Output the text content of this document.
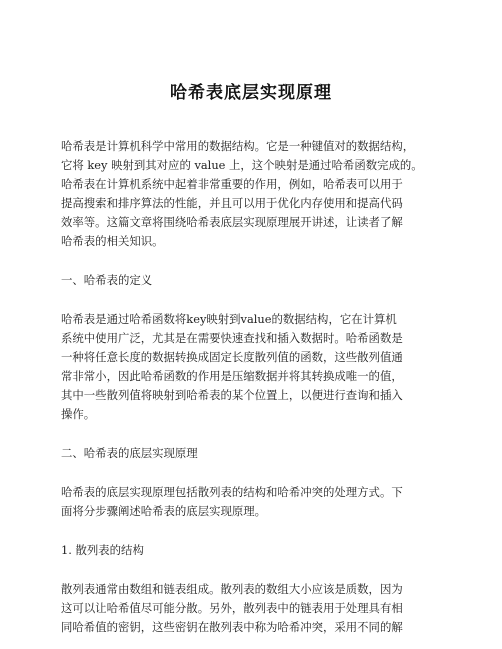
哈希表底层实现原理
哈希表是计算机科学中常用的数据结构。它是一种键值对的数据结构，
它将 key 映射到其对应的 value 上，这个映射是通过哈希函数完成的。
哈希表在计算机系统中起着非常重要的作用，例如，哈希表可以用于
提高搜索和排序算法的性能，并且可以用于优化内存使用和提高代码
效率等。这篇文章将围绕哈希表底层实现原理展开讲述，让读者了解
哈希表的相关知识。
一、哈希表的定义
哈希表是通过哈希函数将key映射到value的数据结构，它在计算机
系统中使用广泛，尤其是在需要快速查找和插入数据时。哈希函数是
一种将任意长度的数据转换成固定长度散列值的函数，这些散列值通
常非常小，因此哈希函数的作用是压缩数据并将其转换成唯一的值，
其中一些散列值将映射到哈希表的某个位置上，以便进行查询和插入
操作。
二、哈希表的底层实现原理
哈希表的底层实现原理包括散列表的结构和哈希冲突的处理方式。下
面将分步骤阐述哈希表的底层实现原理。
1. 散列表的结构
散列表通常由数组和链表组成。散列表的数组大小应该是质数，因为
这可以让哈希值尽可能分散。另外，散列表中的链表用于处理具有相
同哈希值的密钥，这些密钥在散列表中称为哈希冲突，采用不同的解
